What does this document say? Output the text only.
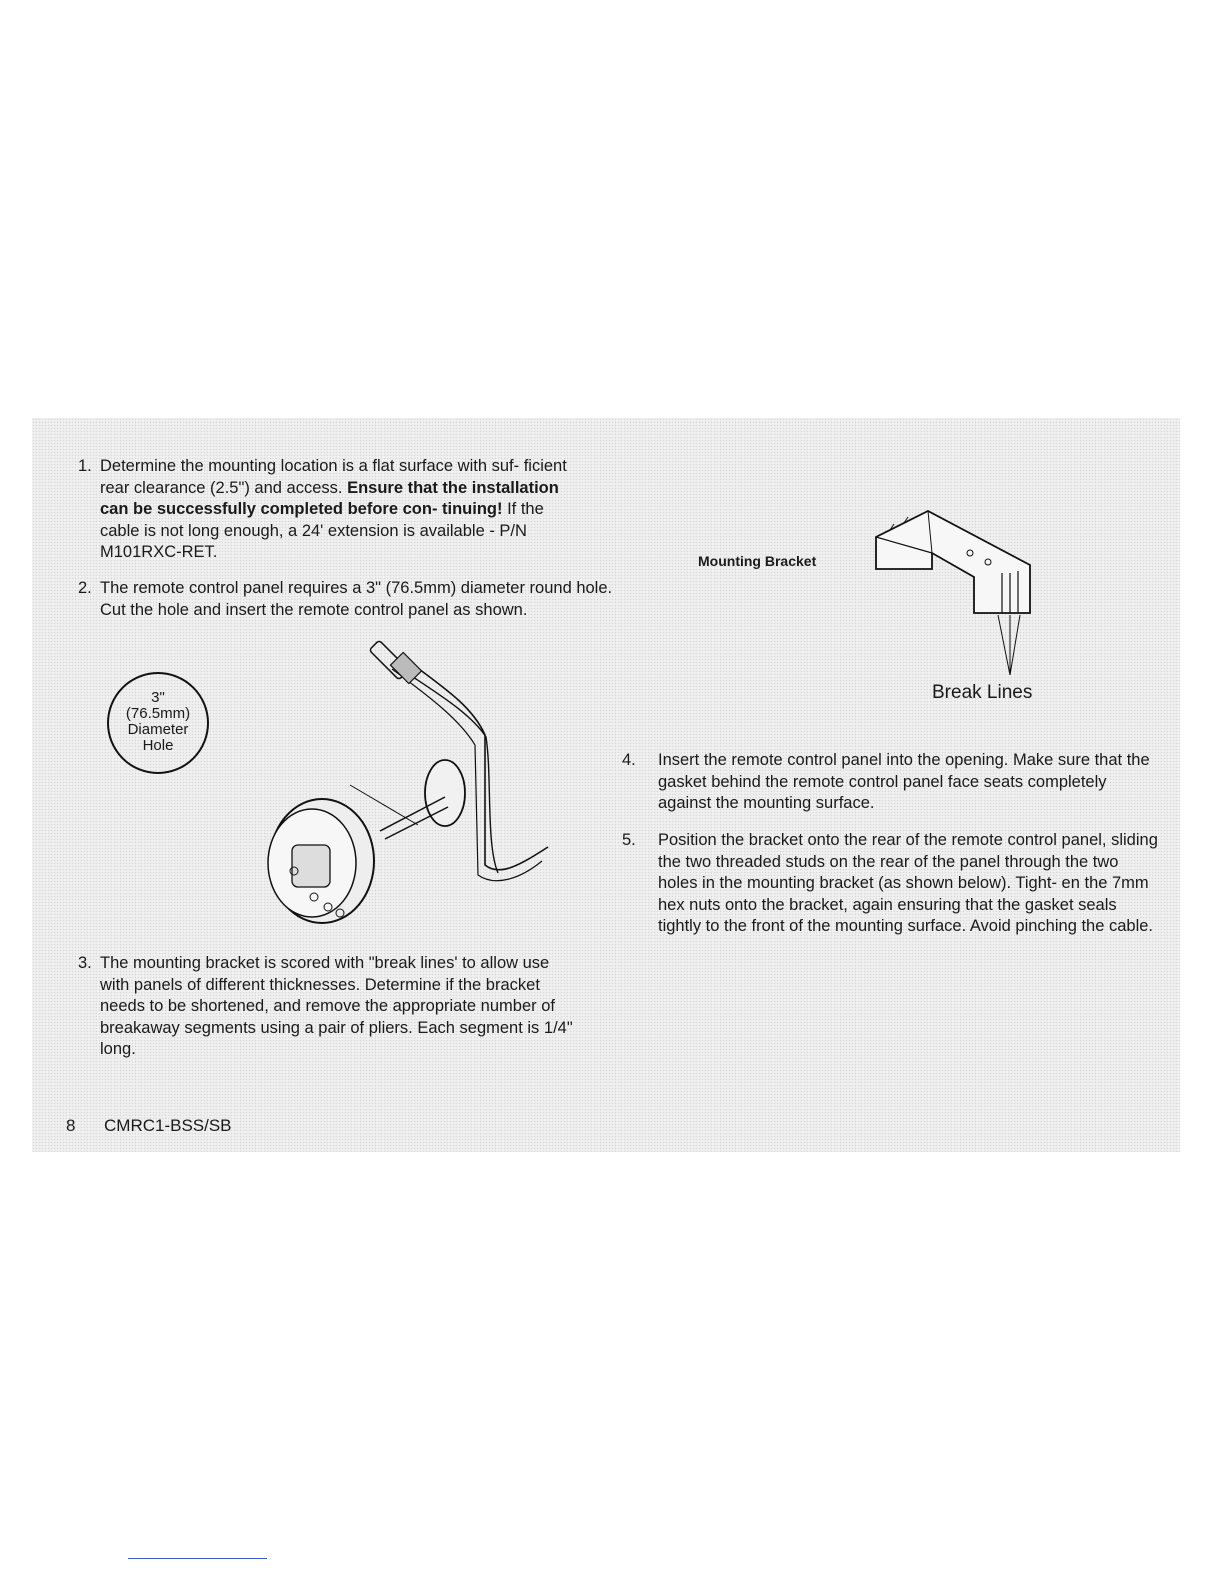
1. Determine the mounting location is a flat surface with suf- ficient rear clearance (2.5") and access. Ensure that the installation can be successfully completed before con- tinuing! If the cable is not long enough, a 24' extension is available - P/N M101RXC-RET.
2. The remote control panel requires a 3" (76.5mm) diameter round hole. Cut the hole and insert the remote control panel as shown.
3"
(76.5mm)
Diameter
Hole
3. The mounting bracket is scored with "break lines' to allow use with panels of different thicknesses. Determine if the bracket needs to be shortened, and remove the appropriate number of breakaway segments using a pair of pliers. Each segment is 1/4" long.
Mounting Bracket
Break Lines
4.	Insert the remote control panel into the opening. Make sure that the gasket behind the remote control panel face seats completely against the mounting surface.
5.	Position the bracket onto the rear of the remote control panel, sliding the two threaded studs on the rear of the panel through the two holes in the mounting bracket (as shown below). Tight- en the 7mm hex nuts onto the bracket, again ensuring that the gasket seals tightly to the front of the mounting surface. Avoid pinching the cable.
8 CMRC1-BSS/SB
